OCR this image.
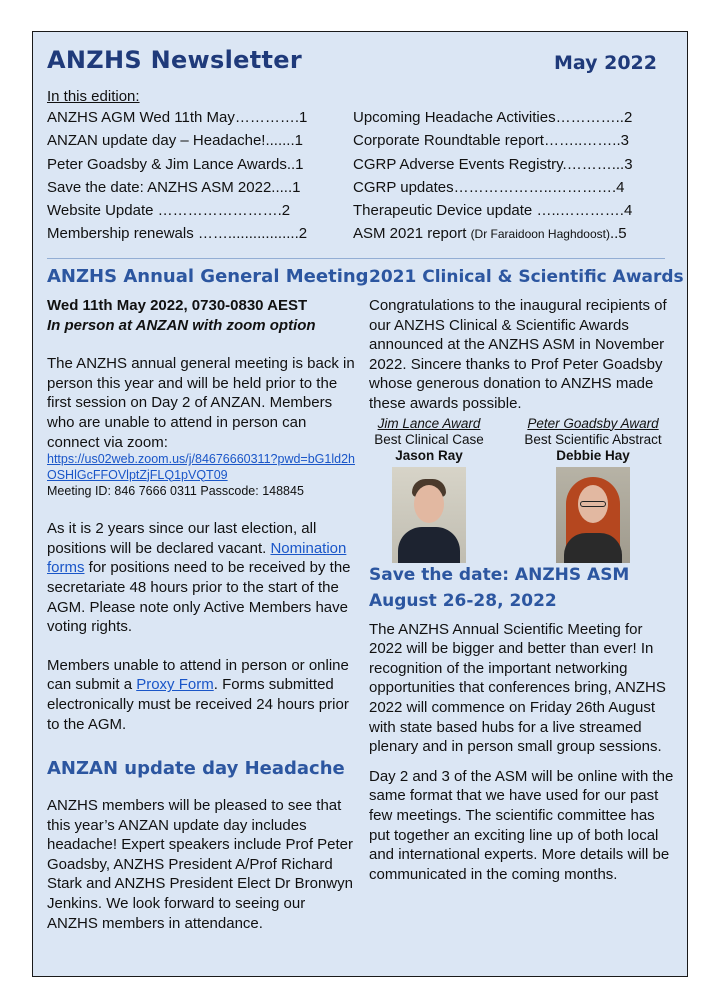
ANZHS Newsletter	May 2022
In this edition:
ANZHS AGM Wed 11th May………….1
ANZAN update day – Headache!.......1
Peter Goadsby & Jim Lance Awards..1
Save the date: ANZHS ASM 2022.....1
Website Update …………………….2
Membership renewals …….................2
Upcoming Headache Activities…………..2
Corporate Roundtable report……..……..3
CGRP Adverse Events Registry.………...3
CGRP updates………………..………….4
Therapeutic Device update …..………….4
ASM 2021 report (Dr Faraidoon Haghdoost)..5
ANZHS Annual General Meeting

Wed 11th May 2022, 0730-0830 AEST

In person at ANZAN with zoom option

The ANZHS annual general meeting is back in person this year and will be held prior to the first session on Day 2 of ANZAN. Members who are unable to attend in person can connect via zoom:

https://us02web.zoom.us/j/84676660311?pwd=bG1ld2hOSHlGcFFOVlptZjFLQ1pVQT09

Meeting ID: 846 7666 0311 Passcode: 148845

As it is 2 years since our last election, all positions will be declared vacant. Nomination forms for positions need to be received by the secretariate 48 hours prior to the start of the AGM. Please note only Active Members have voting rights.

Members unable to attend in person or online can submit a Proxy Form. Forms submitted electronically must be received 24 hours prior to the AGM.

ANZAN update day Headache

ANZHS members will be pleased to see that this year’s ANZAN update day includes headache! Expert speakers include Prof Peter Goadsby, ANZHS President A/Prof Richard Stark and ANZHS President Elect Dr Bronwyn Jenkins. We look forward to seeing our ANZHS members in attendance.

2021 Clinical & Scientific Awards

Congratulations to the inaugural recipients of our ANZHS Clinical & Scientific Awards announced at the ANZHS ASM in November 2022. Sincere thanks to Prof Peter Goadsby whose generous donation to ANZHS made these awards possible.

Jim Lance Award
Best Clinical Case
Jason Ray
Peter Goadsby Award
Best Scientific Abstract
Debbie Hay
Save the date: ANZHS ASM
August 26-28, 2022

The ANZHS Annual Scientific Meeting for 2022 will be bigger and better than ever! In recognition of the important networking opportunities that conferences bring, ANZHS 2022 will commence on Friday 26th August with state based hubs for a live streamed plenary and in person small group sessions.

Day 2 and 3 of the ASM will be online with the same format that we have used for our past few meetings. The scientific committee has put together an exciting line up of both local and international experts. More details will be communicated in the coming months.
